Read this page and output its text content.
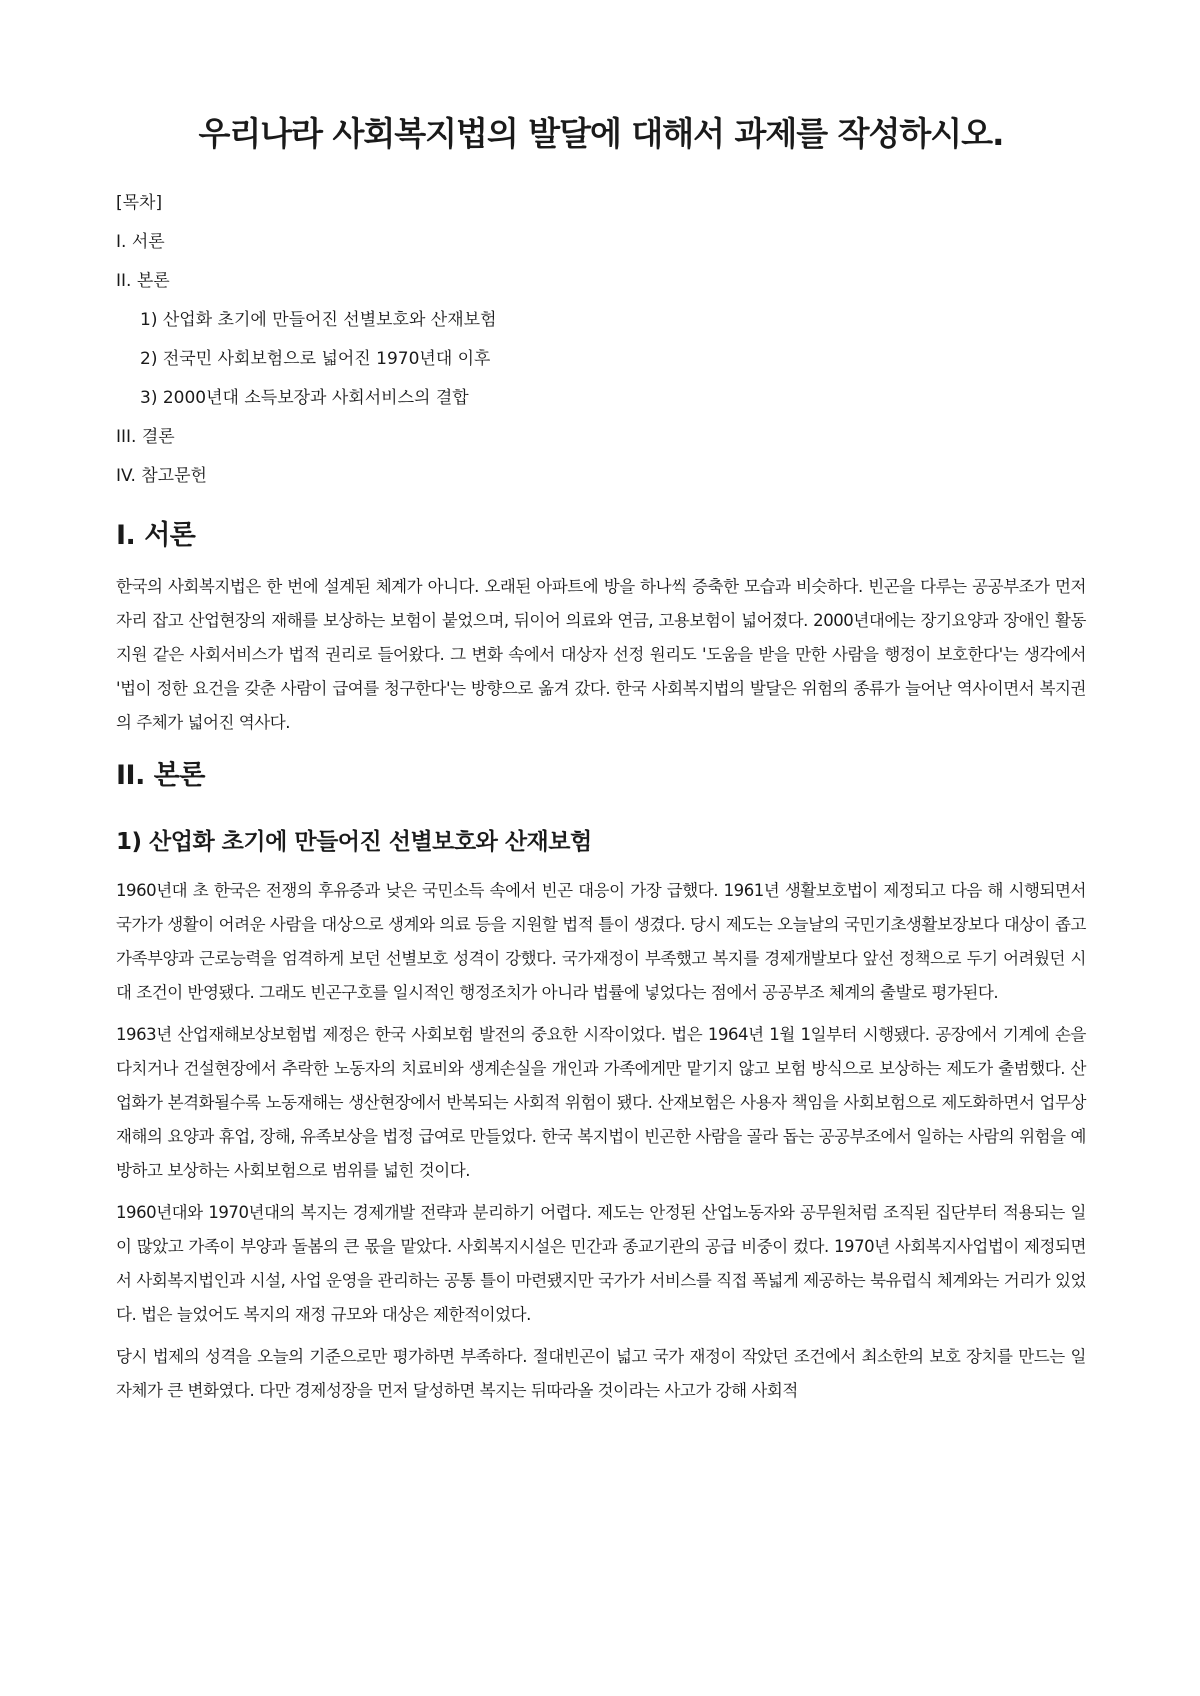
우리나라 사회복지법의 발달에 대해서 과제를 작성하시오.
[목차]
I. 서론
II. 본론
1) 산업화 초기에 만들어진 선별보호와 산재보험
2) 전국민 사회보험으로 넓어진 1970년대 이후
3) 2000년대 소득보장과 사회서비스의 결합
III. 결론
IV. 참고문헌
I. 서론

한국의 사회복지법은 한 번에 설계된 체계가 아니다. 오래된 아파트에 방을 하나씩 증축한 모습과 비슷하다. 빈곤을 다루는 공공부조가 먼저 자리 잡고 산업현장의 재해를 보상하는 보험이 붙었으며, 뒤이어 의료와 연금, 고용보험이 넓어졌다. 2000년대에는 장기요양과 장애인 활동지원 같은 사회서비스가 법적 권리로 들어왔다. 그 변화 속에서 대상자 선정 원리도 '도움을 받을 만한 사람을 행정이 보호한다'는 생각에서 '법이 정한 요건을 갖춘 사람이 급여를 청구한다'는 방향으로 옮겨 갔다. 한국 사회복지법의 발달은 위험의 종류가 늘어난 역사이면서 복지권의 주체가 넓어진 역사다.

II. 본론
1) 산업화 초기에 만들어진 선별보호와 산재보험

1960년대 초 한국은 전쟁의 후유증과 낮은 국민소득 속에서 빈곤 대응이 가장 급했다. 1961년 생활보호법이 제정되고 다음 해 시행되면서 국가가 생활이 어려운 사람을 대상으로 생계와 의료 등을 지원할 법적 틀이 생겼다. 당시 제도는 오늘날의 국민기초생활보장보다 대상이 좁고 가족부양과 근로능력을 엄격하게 보던 선별보호 성격이 강했다. 국가재정이 부족했고 복지를 경제개발보다 앞선 정책으로 두기 어려웠던 시대 조건이 반영됐다. 그래도 빈곤구호를 일시적인 행정조치가 아니라 법률에 넣었다는 점에서 공공부조 체계의 출발로 평가된다.

1963년 산업재해보상보험법 제정은 한국 사회보험 발전의 중요한 시작이었다. 법은 1964년 1월 1일부터 시행됐다. 공장에서 기계에 손을 다치거나 건설현장에서 추락한 노동자의 치료비와 생계손실을 개인과 가족에게만 맡기지 않고 보험 방식으로 보상하는 제도가 출범했다. 산업화가 본격화될수록 노동재해는 생산현장에서 반복되는 사회적 위험이 됐다. 산재보험은 사용자 책임을 사회보험으로 제도화하면서 업무상 재해의 요양과 휴업, 장해, 유족보상을 법정 급여로 만들었다. 한국 복지법이 빈곤한 사람을 골라 돕는 공공부조에서 일하는 사람의 위험을 예방하고 보상하는 사회보험으로 범위를 넓힌 것이다.

1960년대와 1970년대의 복지는 경제개발 전략과 분리하기 어렵다. 제도는 안정된 산업노동자와 공무원처럼 조직된 집단부터 적용되는 일이 많았고 가족이 부양과 돌봄의 큰 몫을 맡았다. 사회복지시설은 민간과 종교기관의 공급 비중이 컸다. 1970년 사회복지사업법이 제정되면서 사회복지법인과 시설, 사업 운영을 관리하는 공통 틀이 마련됐지만 국가가 서비스를 직접 폭넓게 제공하는 북유럽식 체계와는 거리가 있었다. 법은 늘었어도 복지의 재정 규모와 대상은 제한적이었다.

당시 법제의 성격을 오늘의 기준으로만 평가하면 부족하다. 절대빈곤이 넓고 국가 재정이 작았던 조건에서 최소한의 보호 장치를 만드는 일 자체가 큰 변화였다. 다만 경제성장을 먼저 달성하면 복지는 뒤따라올 것이라는 사고가 강해 사회적
